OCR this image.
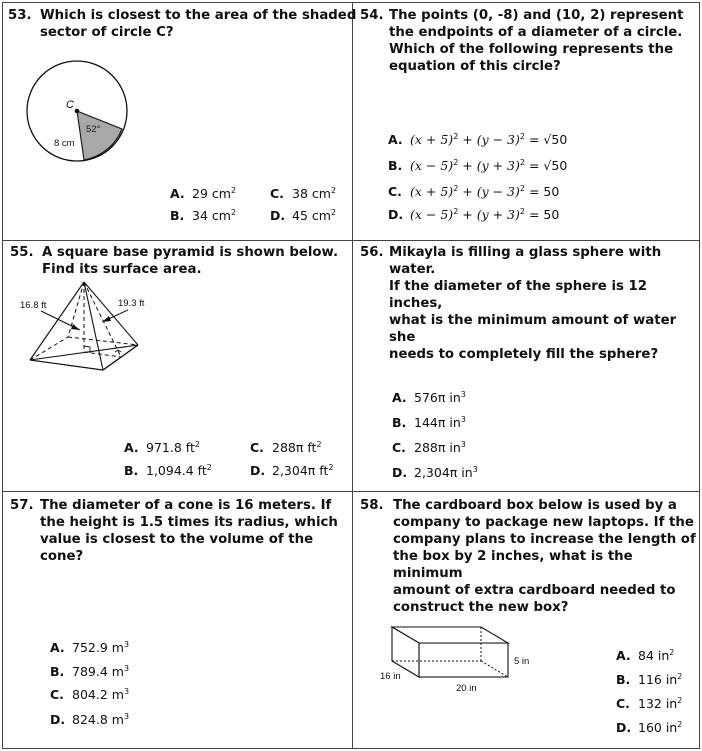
53. Which is closest to the area of the shaded
sector of circle C?
C
52°
8 cm
A. 29 $cm^2$
B. 34 $cm^2$
C. 38 $cm^2$
D. 45 $cm^2$
54. The points (0, -8) and (10, 2) represent
the endpoints of a diameter of a circle.
Which of the following represents the
equation of this circle?
A. $(x + 5)^2 + (y - 3)^2 = √50$
B. $(x - 5)^2 + (y + 3)^2 = √50$
C. $(x + 5)^2 + (y - 3)^2 = 50$
D. $(x - 5)^2 + (y + 3)^2 = 50$
55. A square base pyramid is shown below.
Find its surface area.
16.8 ft	19.3 ft
A. 971.8 $ft^2$
B. 1,094.4 $ft^2$
C. 288π $ft^2$
D. 2,304π $ft^2$
56. Mikayla is filling a glass sphere with water.
If the diameter of the sphere is 12 inches,
what is the minimum amount of water she
needs to completely fill the sphere?
A. 576π $in^3$
B. 144π $in^3$
C. 288π $in^3$
D. 2,304π $in^3$
57. The diameter of a cone is 16 meters. If
the height is 1.5 times its radius, which
value is closest to the volume of the cone?
A. 752.9 $m^3$
B. 789.4 $m^3$
C. 804.2 $m^3$
D. 824.8 $m^3$
58. The cardboard box below is used by a
company to package new laptops. If the
company plans to increase the length of
the box by 2 inches, what is the minimum
amount of extra cardboard needed to
construct the new box?
5 in
16 in
20 in
A. 84 $in^2$
B. 116 $in^2$
C. 132 $in^2$
D. 160 $in^2$
